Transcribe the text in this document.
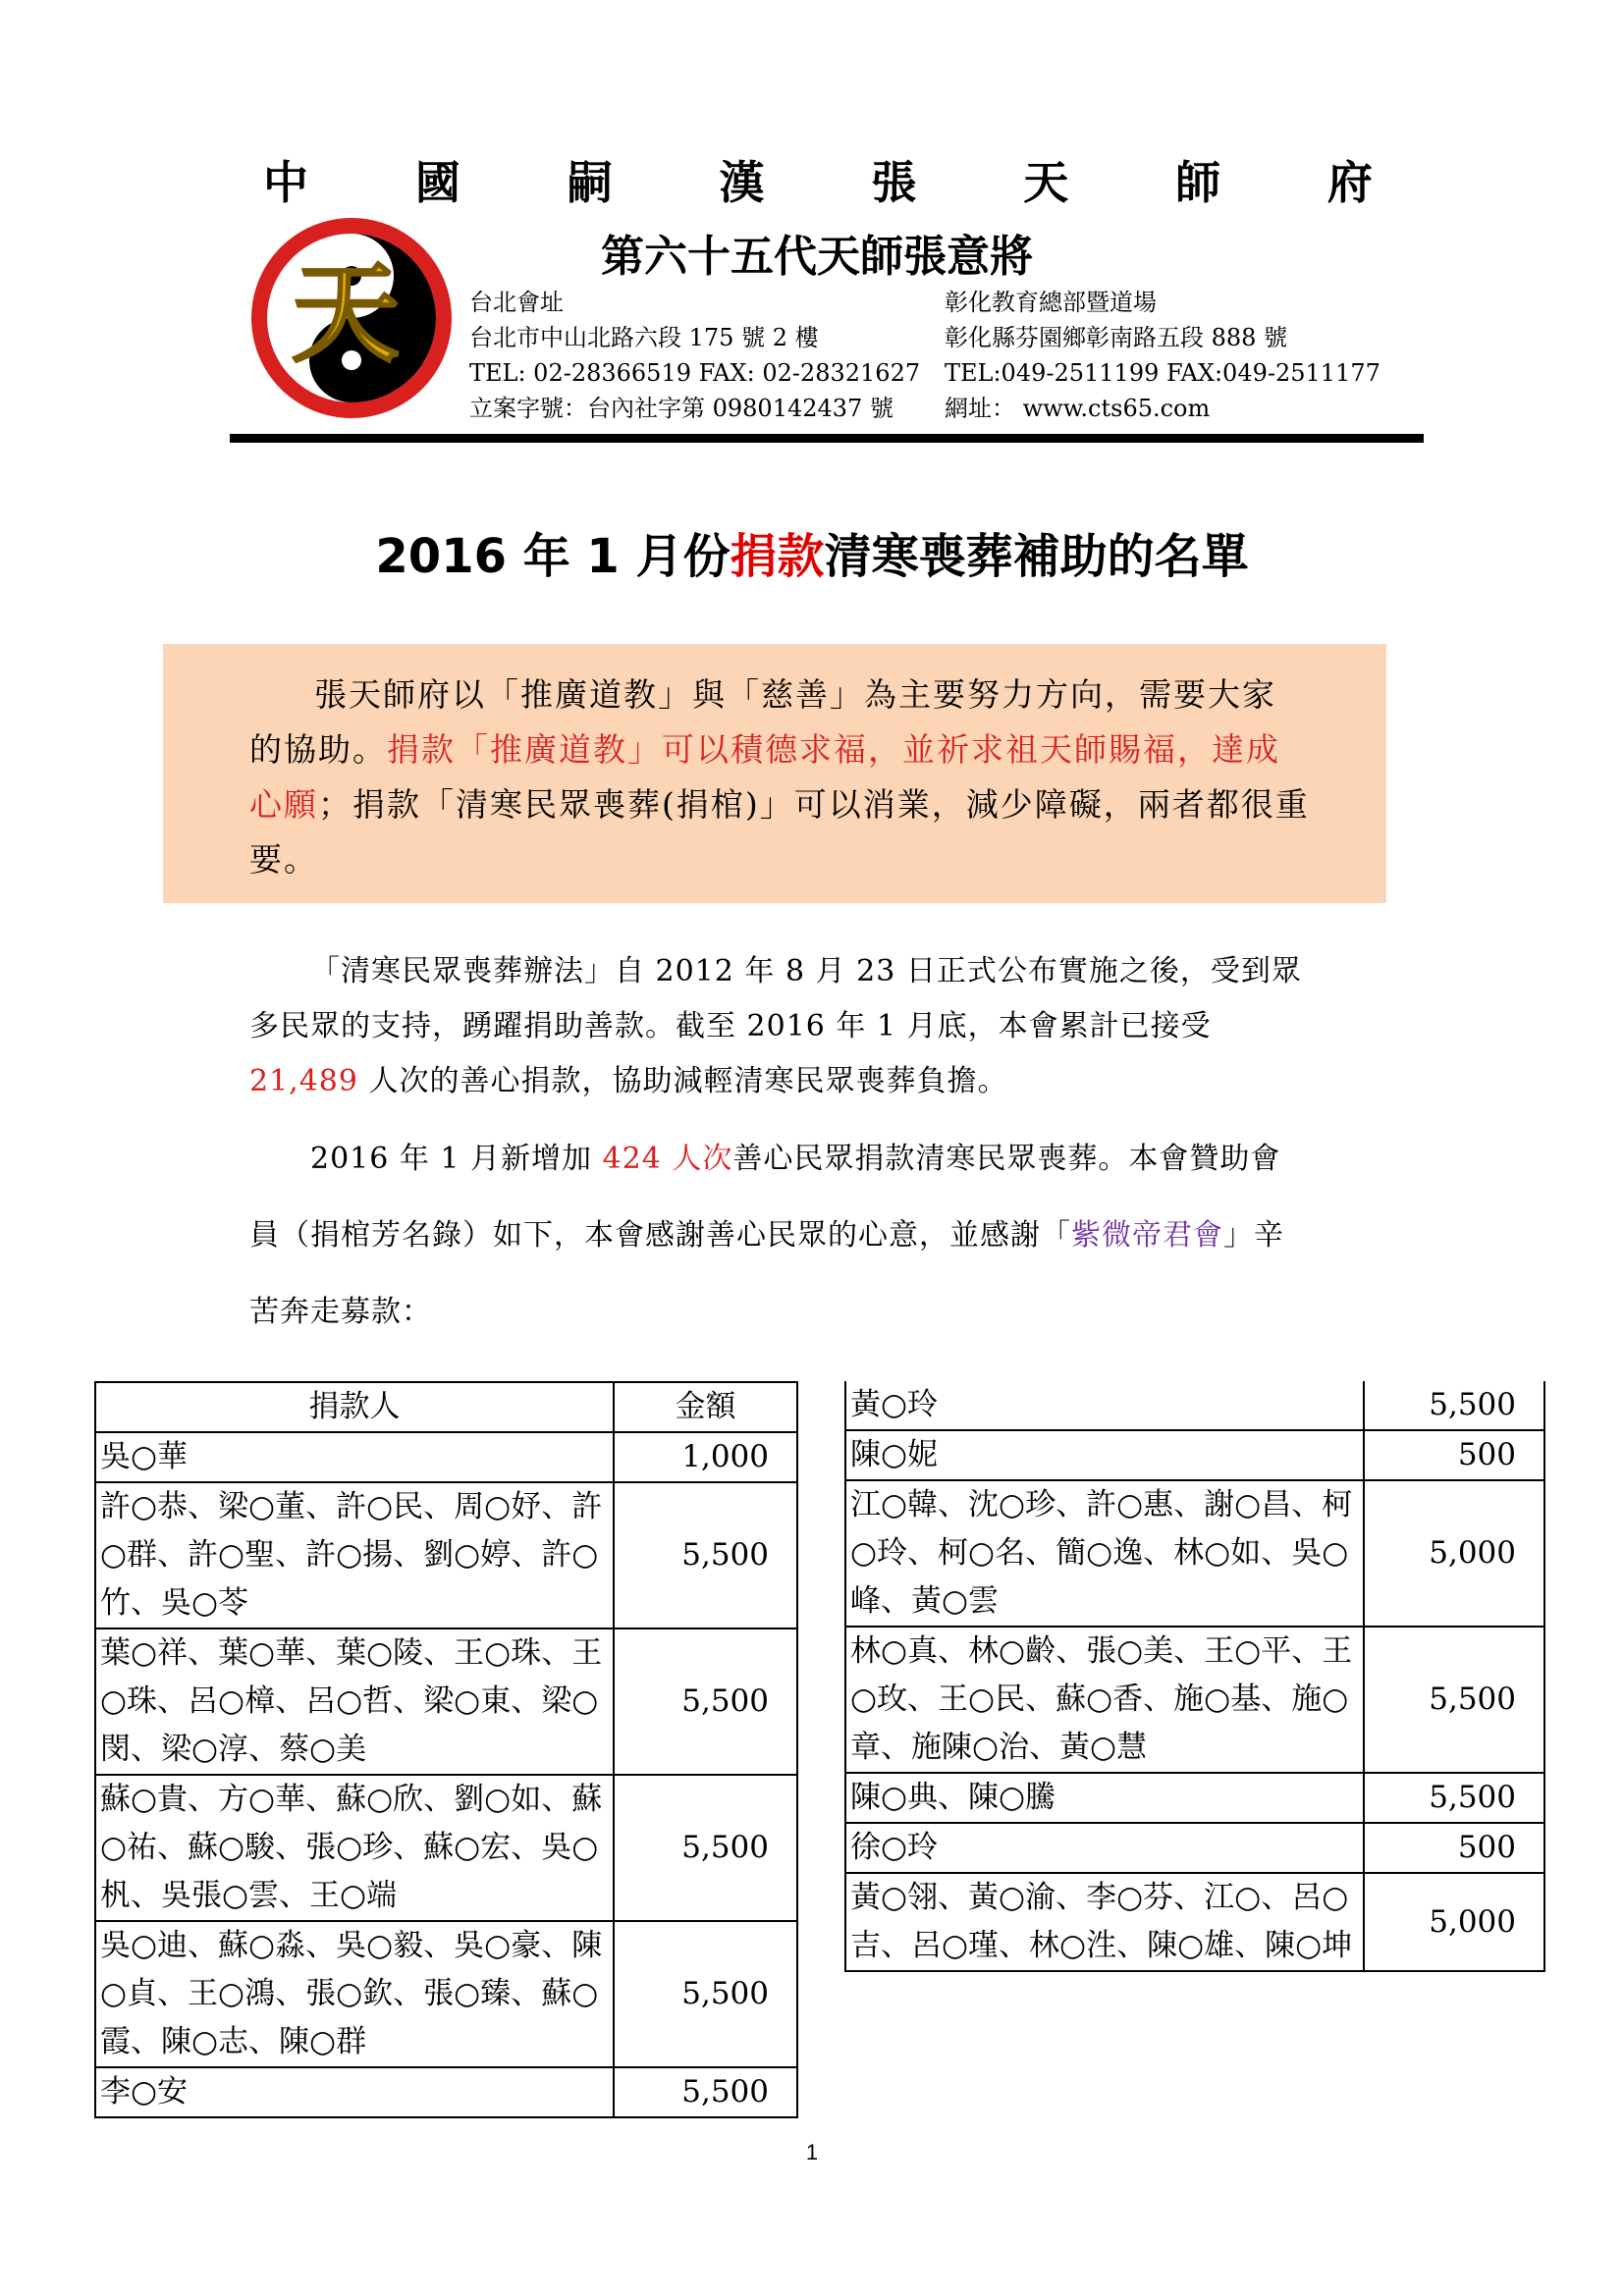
中 國 嗣 漢 張 天 師 府
第六十五代天師張意將
天	台北會址
台北市中山北路六段 175 號 2 樓
TEL: 02-28366519 FAX: 02-28321627
立案字號：台內社字第 0980142437 號
彰化教育總部暨道場
彰化縣芬園鄉彰南路五段 888 號
TEL:049-2511199 FAX:049-2511177
網址： www.cts65.com
2016 年 1 月份捐款清寒喪葬補助的名單

張天師府以「推廣道教」與「慈善」為主要努力方向，需要大家的協助。捐款「推廣道教」可以積德求福，並祈求祖天師賜福，達成心願；捐款「清寒民眾喪葬(捐棺)」可以消業，減少障礙，兩者都很重要。

「清寒民眾喪葬辦法」自 2012 年 8 月 23 日正式公布實施之後，受到眾多民眾的支持，踴躍捐助善款。截至 2016 年 1 月底，本會累計已接受 21,489 人次的善心捐款，協助減輕清寒民眾喪葬負擔。
2016 年 1 月新增加 424 人次善心民眾捐款清寒民眾喪葬。本會贊助會員（捐棺芳名錄）如下，本會感謝善心民眾的心意，並感謝「紫微帝君會」辛苦奔走募款：
捐款人	金額
吳○華	1,000
許○恭、梁○董、許○民、周○妤、許○群、許○聖、許○揚、劉○婷、許○竹、吳○苓	5,500
葉○祥、葉○華、葉○陵、王○珠、王○珠、呂○樟、呂○哲、梁○東、梁○閔、梁○淳、蔡○美	5,500
蘇○貴、方○華、蘇○欣、劉○如、蘇○祐、蘇○駿、張○珍、蘇○宏、吳○杋、吳張○雲、王○端	5,500
吳○迪、蘇○淼、吳○毅、吳○豪、陳○貞、王○鴻、張○欽、張○臻、蘇○霞、陳○志、陳○群	5,500
李○安	5,500
黃○玲	5,500
陳○妮	500
江○韓、沈○珍、許○惠、謝○昌、柯○玲、柯○名、簡○逸、林○如、吳○峰、黃○雲	5,000
林○真、林○齡、張○美、王○平、王○玫、王○民、蘇○香、施○基、施○章、施陳○治、黃○慧	5,500
陳○典、陳○騰	5,500
徐○玲	500
黃○翎、黃○渝、李○芬、江○、呂○吉、呂○瑾、林○泩、陳○雄、陳○坤	5,000
1
